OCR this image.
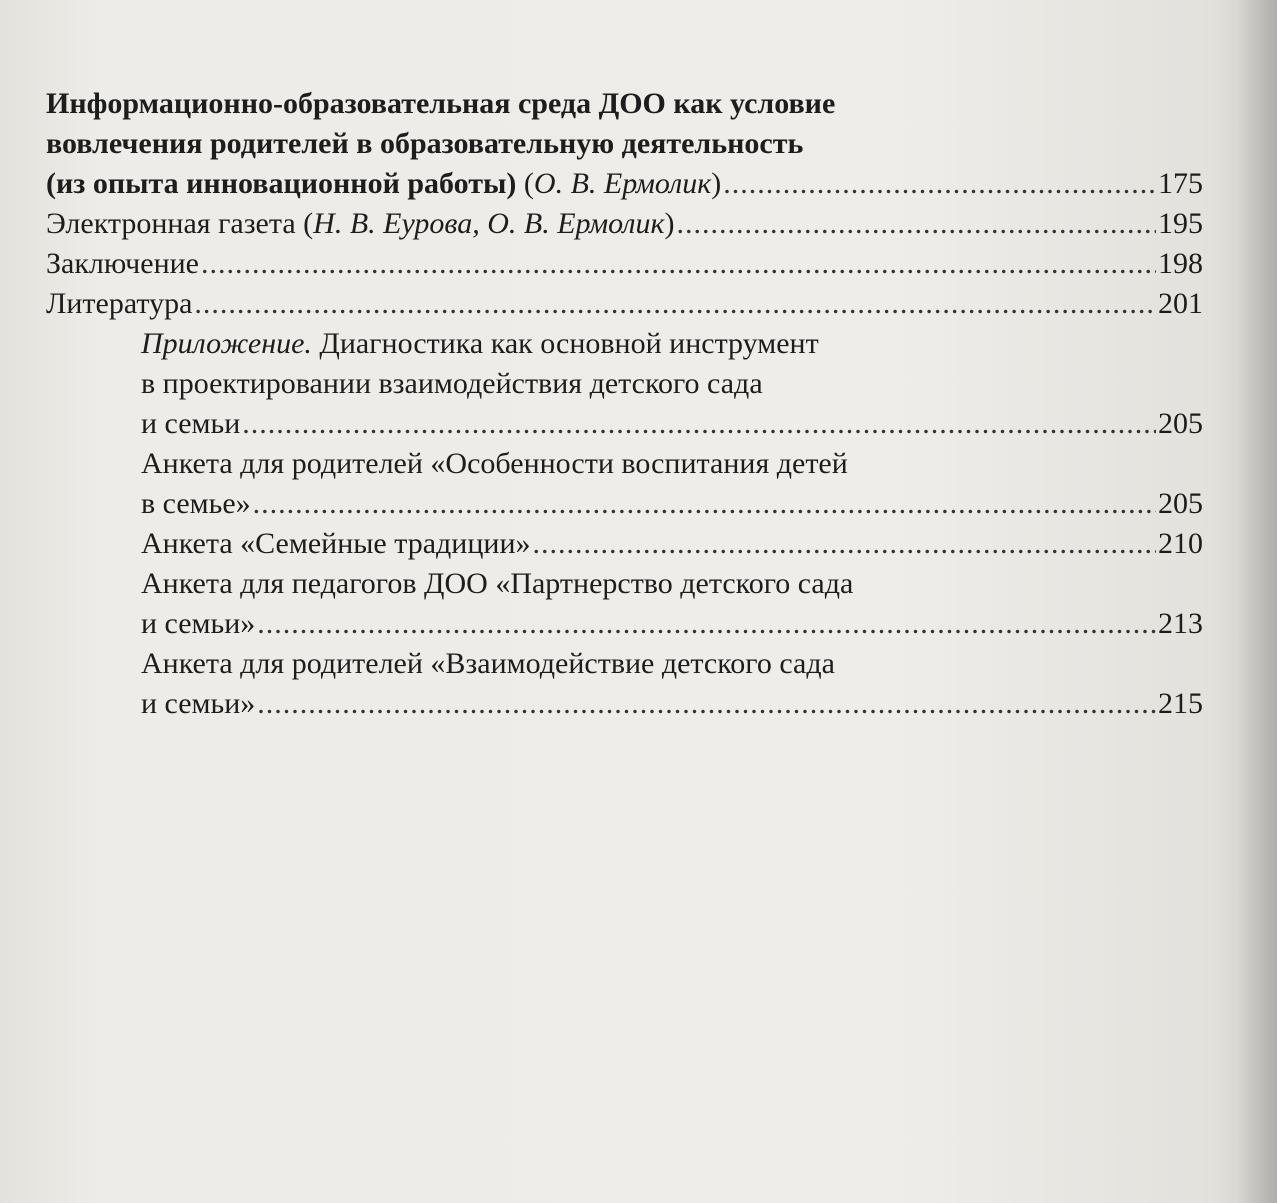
Информационно-образовательная среда ДОО как условие
вовлечения родителей в образовательную деятельность
(из опыта инновационной работы) (О. В. Ермолик) .....	175
Электронная газета (Н. В. Еурова, О. В. Ермолик) .....	195
Заключение .....	198
Литература .....	201
Приложение. Диагностика как основной инструмент
в проектировании взаимодействия детского сада
и семьи .....	205
Анкета для родителей «Особенности воспитания детей
в семье» .....	205
Анкета «Семейные традиции» .....	210
Анкета для педагогов ДОО «Партнерство детского сада
и семьи» .....	213
Анкета для родителей «Взаимодействие детского сада
и семьи» .....	215
